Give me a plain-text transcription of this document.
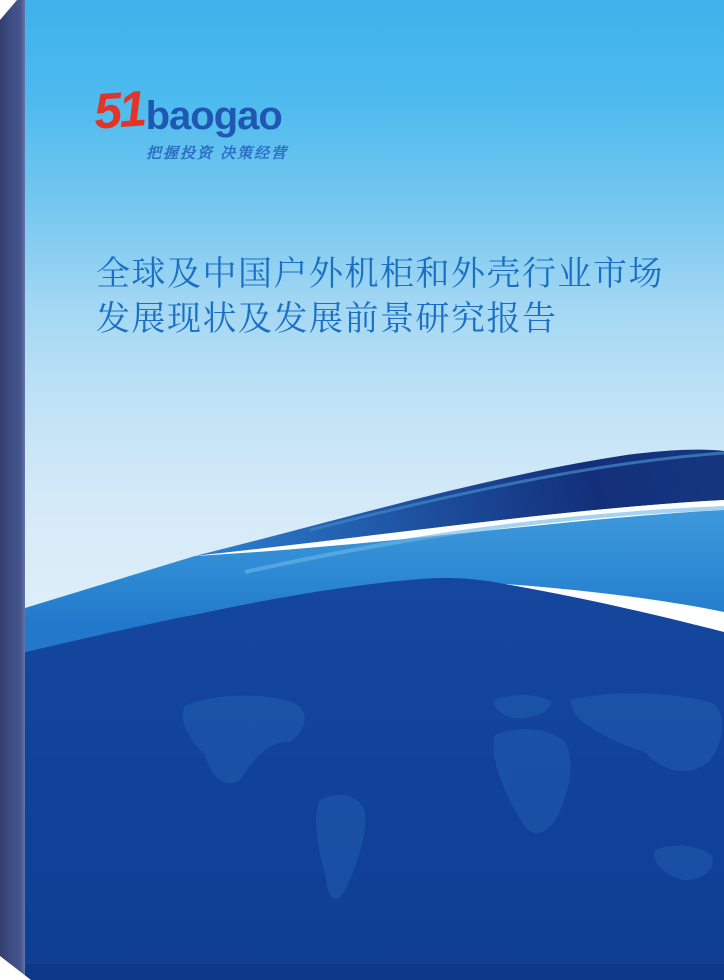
51 baogao
把握投资 决策经营
全球及中国户外机柜和外壳行业市场
发展现状及发展前景研究报告
